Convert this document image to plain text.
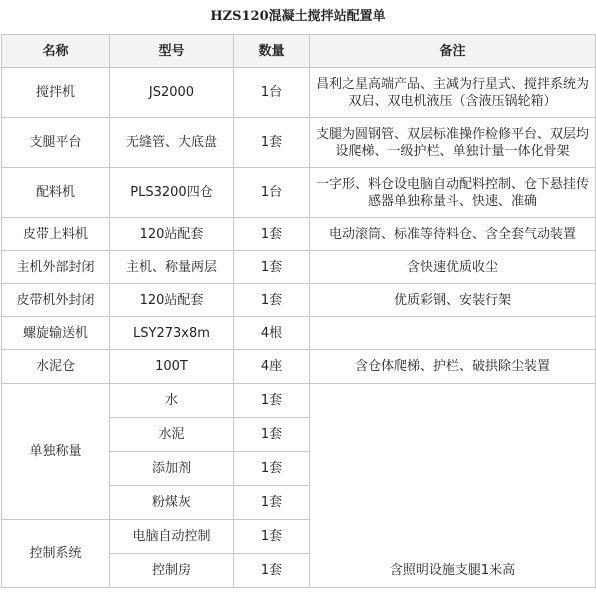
HZS120混凝土搅拌站配置单
名称	型号	数量	备注
搅拌机	JS2000	1台	昌利之星高端产品、主减为行星式、搅拌系统为双启、双电机液压（含液压锅轮箱）
支腿平台	无缝管、大底盘	1套	支腿为圆钢管、双层标准操作检修平台、双层均设爬梯、一级护栏、单独计量一体化骨架
配料机	PLS3200四仓	1台	一字形、料仓设电脑自动配料控制、仓下悬挂传感器单独称量斗、快速、准确
皮带上料机	120站配套	1套	电动滚筒、标准等待料仓、含全套气动装置
主机外部封闭	主机、称量两层	1套	含快速优质收尘
皮带机外封闭	120站配套	1套	优质彩钢、安装行架
螺旋输送机	LSY273x8m	4根	
水泥仓	100T	4座	含仓体爬梯、护栏、破拱除尘装置
单独称量	水	1套	
	水泥	1套	
	添加剂	1套	
	粉煤灰	1套	
控制系统	电脑自动控制	1套	
	控制房	1套	含照明设施支腿1米高
